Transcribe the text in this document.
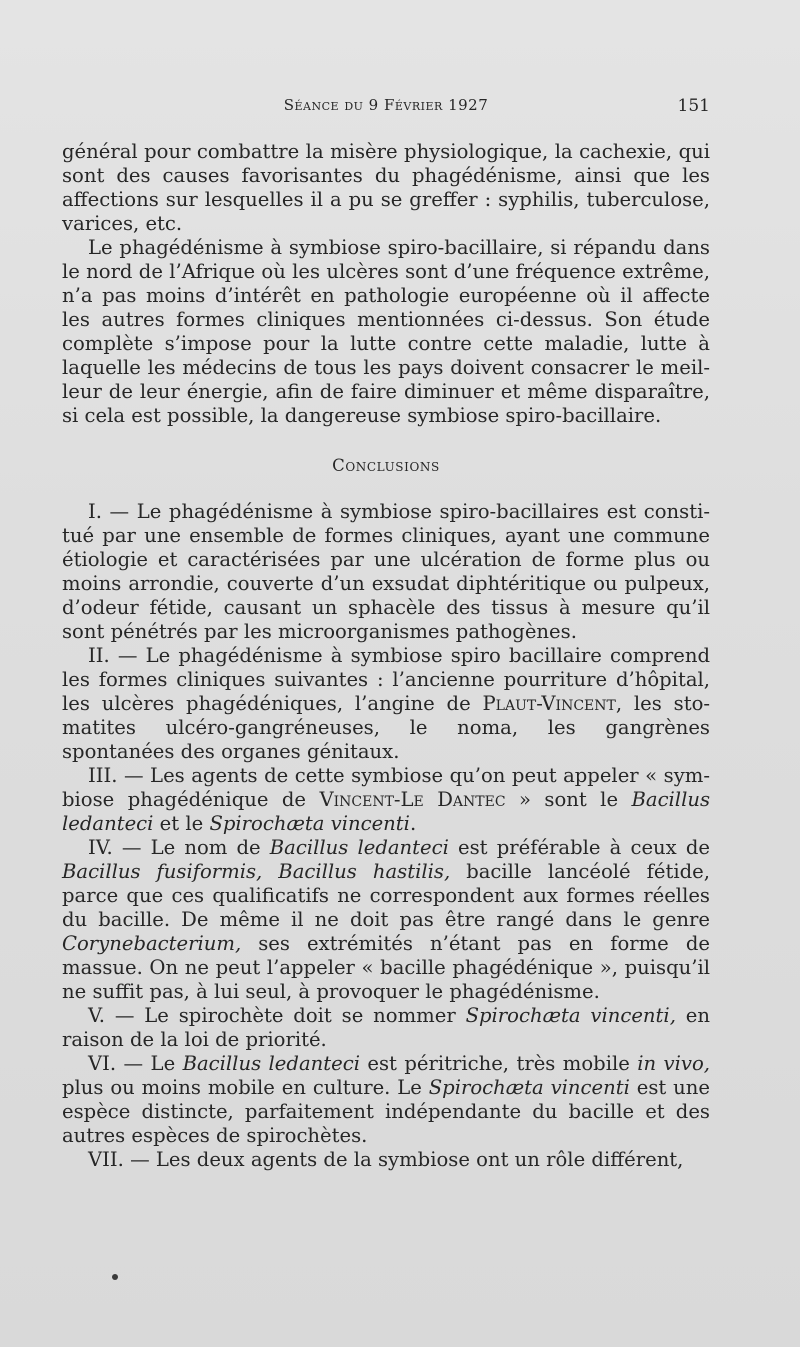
Séance du 9 Février 1927	151

général pour combattre la misère physiologique, la cachexie, qui sont des causes favorisantes du phagédénisme, ainsi que les affections sur lesquelles il a pu se greffer : syphilis, tuberculose, varices, etc.

Le phagédénisme à symbiose spiro-bacillaire, si répandu dans le nord de l’Afrique où les ulcères sont d’une fréquence extrême, n’a pas moins d’intérêt en pathologie européenne où il affecte les autres formes cliniques mentionnées ci-dessus. Son étude complète s’impose pour la lutte contre cette maladie, lutte à laquelle les médecins de tous les pays doivent consacrer le meilleur de leur énergie, afin de faire diminuer et même disparaître, si cela est possible, la dangereuse symbiose spiro-bacillaire.

Conclusions

I. — Le phagédénisme à symbiose spiro-bacillaires est constitué par une ensemble de formes cliniques, ayant une commune étiologie et caractérisées par une ulcération de forme plus ou moins arrondie, couverte d’un exsudat diphtéritique ou pulpeux, d’odeur fétide, causant un sphacèle des tissus à mesure qu’il sont pénétrés par les microorganismes pathogènes.

II. — Le phagédénisme à symbiose spiro bacillaire comprend les formes cliniques suivantes : l’ancienne pourriture d’hôpital, les ulcères phagédéniques, l’angine de Plaut-Vincent, les stomatites ulcéro-gangréneuses, le noma, les gangrènes spontanées des organes génitaux.

III. — Les agents de cette symbiose qu’on peut appeler « symbiose phagédénique de Vincent-Le Dantec » sont le Bacillus ledanteci et le Spirochæta vincenti.

IV. — Le nom de Bacillus ledanteci est préférable à ceux de Bacillus fusiformis, Bacillus hastilis, bacille lancéolé fétide, parce que ces qualificatifs ne correspondent aux formes réelles du bacille. De même il ne doit pas être rangé dans le genre Corynebacterium, ses extrémités n’étant pas en forme de massue. On ne peut l’appeler « bacille phagédénique », puisqu’il ne suffit pas, à lui seul, à provoquer le phagédénisme.

V. — Le spirochète doit se nommer Spirochæta vincenti, en raison de la loi de priorité.

VI. — Le Bacillus ledanteci est péritriche, très mobile in vivo, plus ou moins mobile en culture. Le Spirochæta vincenti est une espèce distincte, parfaitement indépendante du bacille et des autres espèces de spirochètes.

VII. — Les deux agents de la symbiose ont un rôle différent,
